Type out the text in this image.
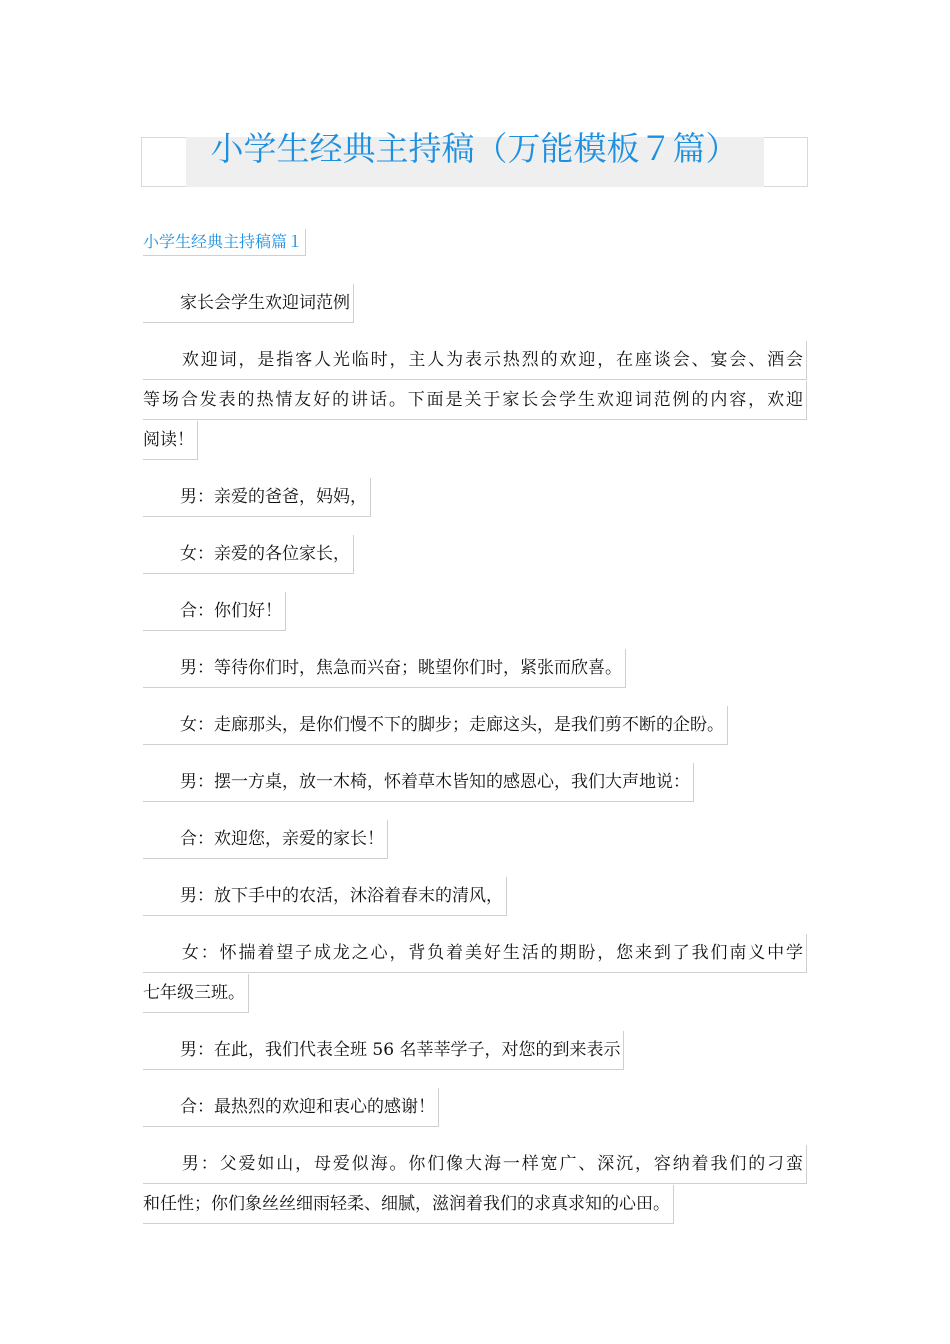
小学生经典主持稿（万能模板７篇）
小学生经典主持稿篇１
家长会学生欢迎词范例
欢迎词，是指客人光临时，主人为表示热烈的欢迎，在座谈会、宴会、酒会
等场合发表的热情友好的讲话。下面是关于家长会学生欢迎词范例的内容，欢迎
阅读！
男：亲爱的爸爸，妈妈，
女：亲爱的各位家长，
合：你们好！
男：等待你们时，焦急而兴奋；眺望你们时，紧张而欣喜。
女：走廊那头，是你们慢不下的脚步；走廊这头，是我们剪不断的企盼。
男：摆一方桌，放一木椅，怀着草木皆知的感恩心，我们大声地说：
合：欢迎您，亲爱的家长！
男：放下手中的农活，沐浴着春末的清风，
女：怀揣着望子成龙之心，背负着美好生活的期盼，您来到了我们南义中学
七年级三班。
男：在此，我们代表全班 56 名莘莘学子，对您的到来表示
合：最热烈的欢迎和衷心的感谢！
男：父爱如山，母爱似海。你们像大海一样宽广、深沉，容纳着我们的刁蛮
和任性；你们象丝丝细雨轻柔、细腻，滋润着我们的求真求知的心田。
